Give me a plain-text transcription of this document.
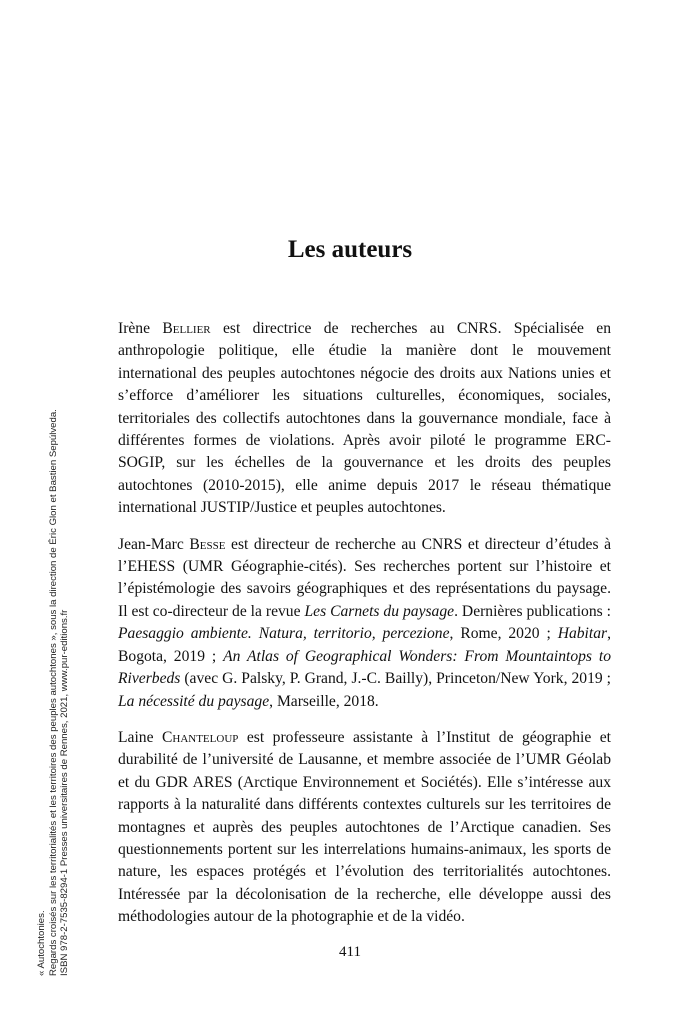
Les auteurs

Irène Bellier est directrice de recherches au CNRS. Spécialisée en anthropologie politique, elle étudie la manière dont le mouvement international des peuples autochtones négocie des droits aux Nations unies et s’efforce d’améliorer les situations culturelles, économiques, sociales, territoriales des collectifs autochtones dans la gouvernance mondiale, face à différentes formes de violations. Après avoir piloté le programme ERC-SOGIP, sur les échelles de la gouvernance et les droits des peuples autochtones (2010-2015), elle anime depuis 2017 le réseau thématique international JUSTIP/Justice et peuples autochtones.

Jean-Marc Besse est directeur de recherche au CNRS et directeur d’études à l’EHESS (UMR Géographie-cités). Ses recherches portent sur l’histoire et l’épistémologie des savoirs géographiques et des représentations du paysage. Il est co-directeur de la revue Les Carnets du paysage. Dernières publications : Paesaggio ambiente. Natura, territorio, percezione, Rome, 2020 ; Habitar, Bogota, 2019 ; An Atlas of Geographical Wonders: From Mountaintops to Riverbeds (avec G. Palsky, P. Grand, J.-C. Bailly), Princeton/New York, 2019 ; La nécessité du paysage, Marseille, 2018.

Laine Chanteloup est professeure assistante à l’Institut de géographie et durabilité de l’université de Lausanne, et membre associée de l’UMR Géolab et du GDR ARES (Arctique Environnement et Sociétés). Elle s’intéresse aux rapports à la naturalité dans différents contextes culturels sur les territoires de montagnes et auprès des peuples autochtones de l’Arctique canadien. Ses questionnements portent sur les interrelations humains-animaux, les sports de nature, les espaces protégés et l’évolution des territorialités autochtones. Intéressée par la décolonisation de la recherche, elle développe aussi des méthodologies autour de la photographie et de la vidéo.

411
« Autochtonies. Regards croisés sur les territorialités et les territoires des peuples autochtones », sous la direction de Éric Glon et Bastien Sepúlveda. ISBN 978-2-7535-8294-1 Presses universitaires de Rennes, 2021, www.pur-editions.fr
